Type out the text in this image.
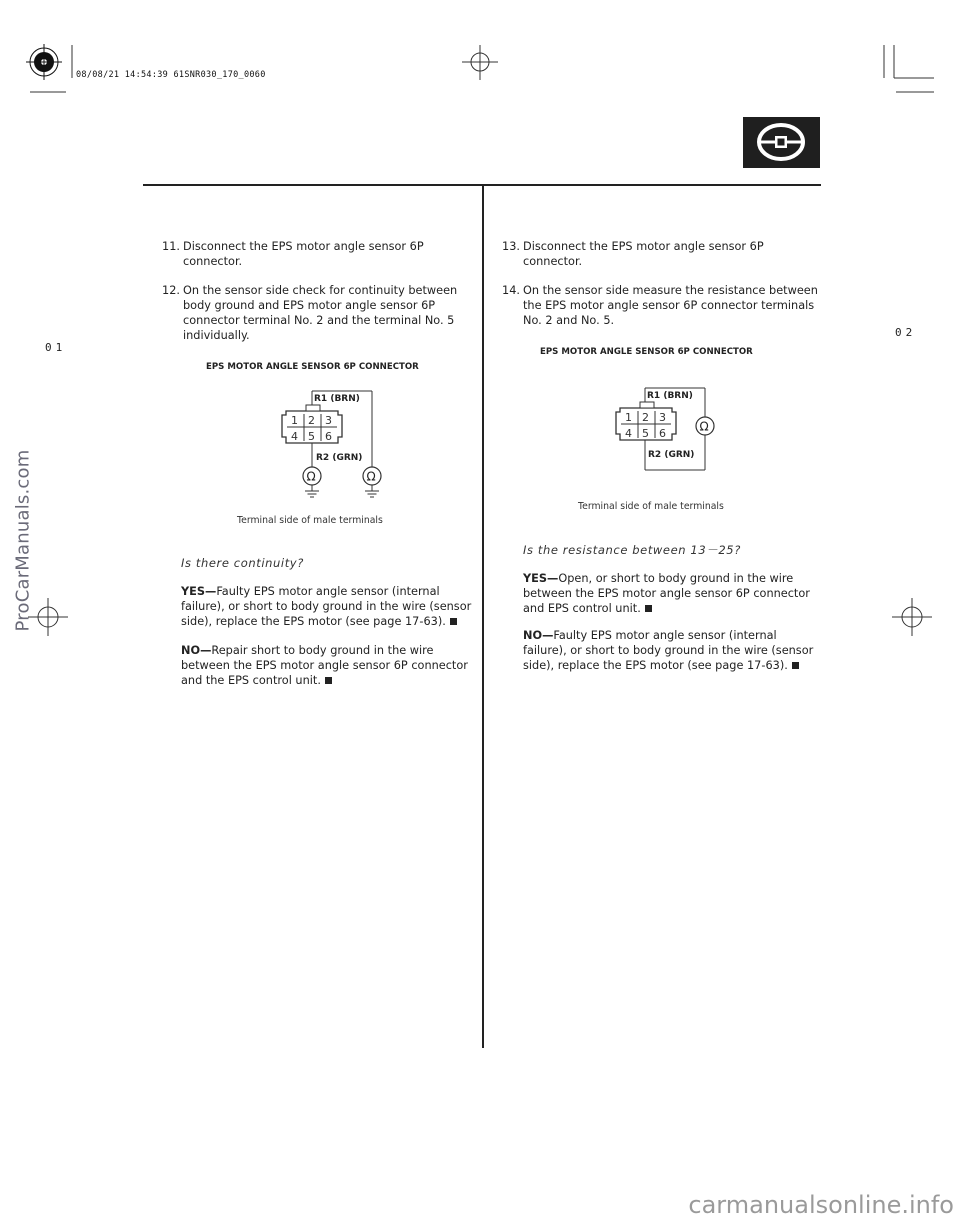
08/08/21 14:54:39 61SNR030_170_0060
01
02
ProCarManuals.com
carmanualsonline.info
11. Disconnect the EPS motor angle sensor 6P
connector.
12. On the sensor side check for continuity between
body ground and EPS motor angle sensor 6P
connector terminal No. 2 and the terminal No. 5
individually.
EPS MOTOR ANGLE SENSOR 6P CONNECTOR
R1 (BRN)
R2 (GRN)
1 2 3
4 5 6
Ω	Ω
Terminal side of male terminals
Is there continuity?
YES—Faulty EPS motor angle sensor (internal
failure), or short to body ground in the wire (sensor
side), replace the EPS motor (see page 17-63).
NO—Repair short to body ground in the wire
between the EPS motor angle sensor 6P connector
and the EPS control unit.
13. Disconnect the EPS motor angle sensor 6P
connector.
14. On the sensor side measure the resistance between
the EPS motor angle sensor 6P connector terminals
No. 2 and No. 5.
EPS MOTOR ANGLE SENSOR 6P CONNECTOR
R1 (BRN)
R2 (GRN)
1 2 3
4 5 6	Ω
Terminal side of male terminals
Is the resistance between 13－25?
YES—Open, or short to body ground in the wire
between the EPS motor angle sensor 6P connector
and EPS control unit.
NO—Faulty EPS motor angle sensor (internal
failure), or short to body ground in the wire (sensor
side), replace the EPS motor (see page 17-63).
